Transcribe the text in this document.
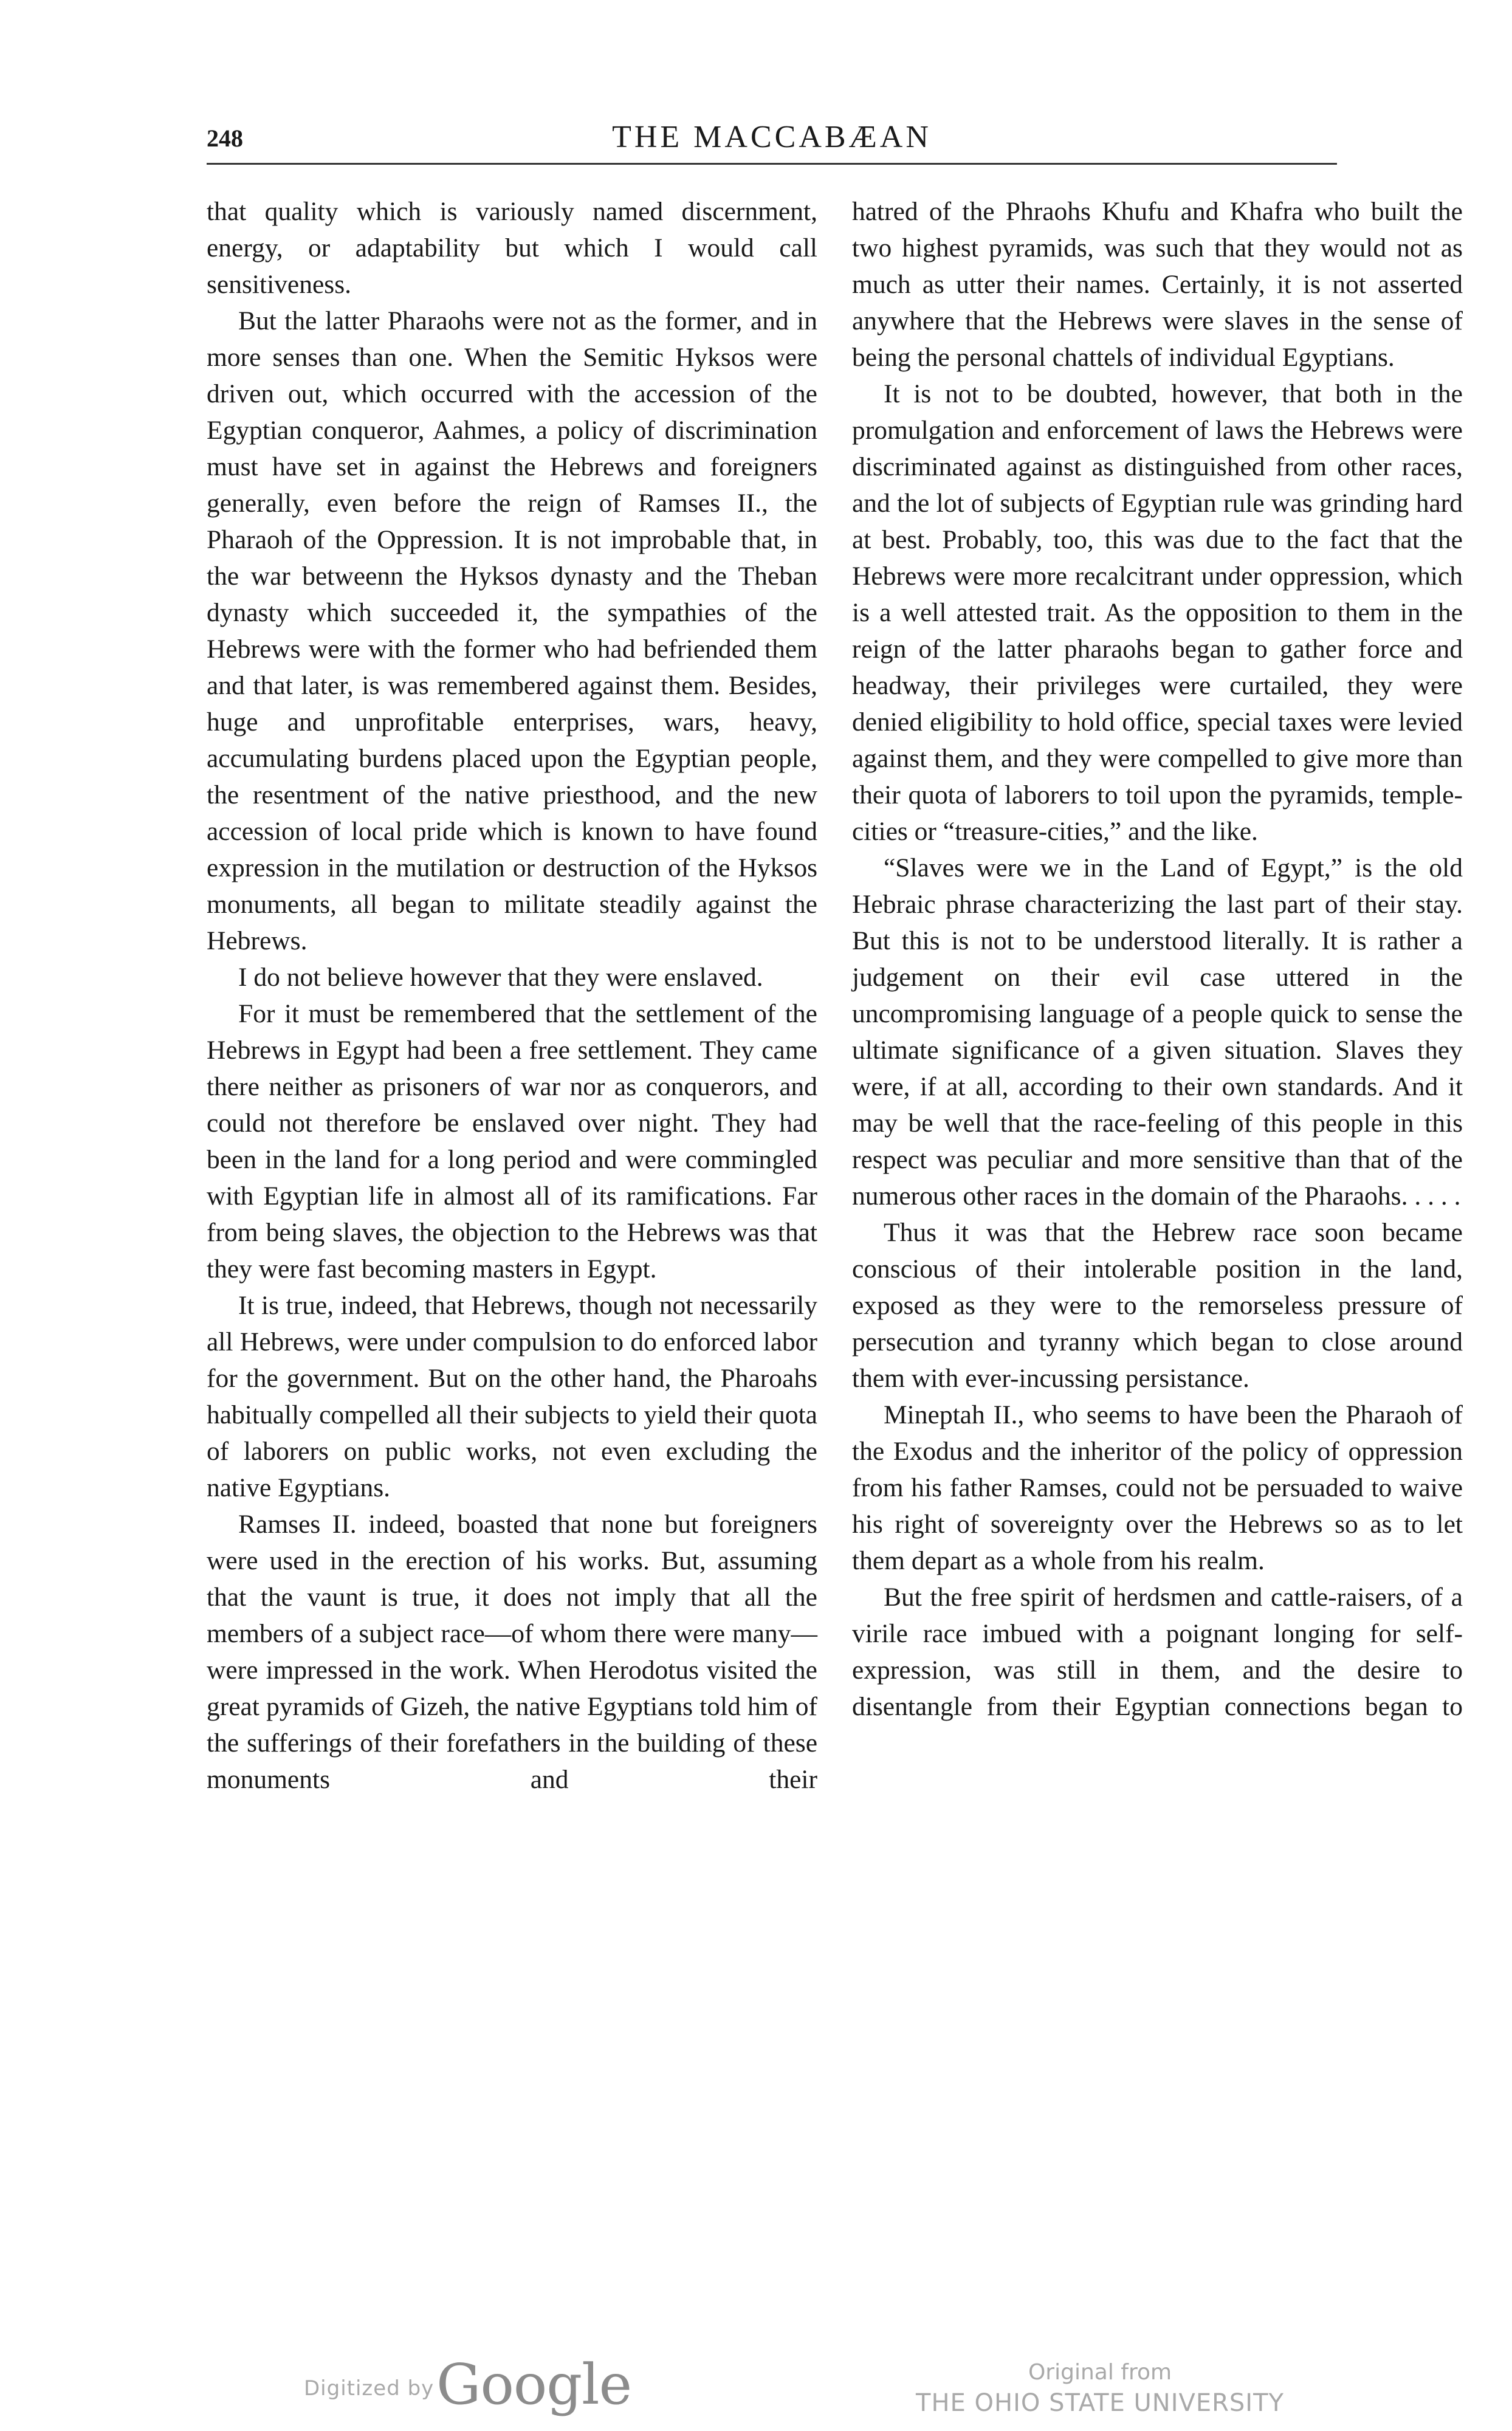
248	THE MACCABÆAN

that quality which is variously named discernment, energy, or adaptability but which I would call sensitiveness.

But the latter Pharaohs were not as the former, and in more senses than one. When the Semitic Hyksos were driven out, which occurred with the accession of the Egyptian conqueror, Aahmes, a policy of discrimination must have set in against the Hebrews and foreigners generally, even before the reign of Ramses II., the Pharaoh of the Oppression. It is not improbable that, in the war betweenn the Hyksos dynasty and the Theban dynasty which succeeded it, the sympathies of the Hebrews were with the former who had befriended them and that later, is was remembered against them. Besides, huge and unprofitable enterprises, wars, heavy, accumulating burdens placed upon the Egyptian people, the resentment of the native priesthood, and the new accession of local pride which is known to have found expression in the mutilation or destruction of the Hyksos monuments, all began to militate steadily against the Hebrews.

I do not believe however that they were enslaved.

For it must be remembered that the settlement of the Hebrews in Egypt had been a free settlement. They came there neither as prisoners of war nor as conquerors, and could not therefore be enslaved over night. They had been in the land for a long period and were commingled with Egyptian life in almost all of its ramifications. Far from being slaves, the objection to the Hebrews was that they were fast becoming masters in Egypt.

It is true, indeed, that Hebrews, though not necessarily all Hebrews, were under compulsion to do enforced labor for the government. But on the other hand, the Pharoahs habitually compelled all their subjects to yield their quota of laborers on public works, not even excluding the native Egyptians.

Ramses II. indeed, boasted that none but foreigners were used in the erection of his works. But, assuming that the vaunt is true, it does not imply that all the members of a subject race—of whom there were many—were impressed in the work. When Herodotus visited the great pyramids of Gizeh, the native Egyptians told him of the sufferings of their forefathers in the building of these monuments and their

hatred of the Phraohs Khufu and Khafra who built the two highest pyramids, was such that they would not as much as utter their names. Certainly, it is not asserted anywhere that the Hebrews were slaves in the sense of being the personal chattels of individual Egyptians.

It is not to be doubted, however, that both in the promulgation and enforcement of laws the Hebrews were discriminated against as distinguished from other races, and the lot of subjects of Egyptian rule was grinding hard at best. Probably, too, this was due to the fact that the Hebrews were more recalcitrant under oppression, which is a well attested trait. As the opposition to them in the reign of the latter pharaohs began to gather force and headway, their privileges were curtailed, they were denied eligibility to hold office, special taxes were levied against them, and they were compelled to give more than their quota of laborers to toil upon the pyramids, temple-cities or “treasure-cities,” and the like.

“Slaves were we in the Land of Egypt,” is the old Hebraic phrase characterizing the last part of their stay. But this is not to be understood literally. It is rather a judgement on their evil case uttered in the uncompromising language of a people quick to sense the ultimate significance of a given situation. Slaves they were, if at all, according to their own standards. And it may be well that the race-feeling of this people in this respect was peculiar and more sensitive than that of the numerous other races in the domain of the Pharaohs. . . . .

Thus it was that the Hebrew race soon became conscious of their intolerable position in the land, exposed as they were to the remorseless pressure of persecution and tyranny which began to close around them with ever-incussing persistance.

Mineptah II., who seems to have been the Pharaoh of the Exodus and the inheritor of the policy of oppression from his father Ramses, could not be persuaded to waive his right of sovereignty over the Hebrews so as to let them depart as a whole from his realm.

But the free spirit of herdsmen and cattle-raisers, of a virile race imbued with a poignant longing for self-expression, was still in them, and the desire to disentangle from their Egyptian connections began to

Digitized by Google	Original from
THE OHIO STATE UNIVERSITY
